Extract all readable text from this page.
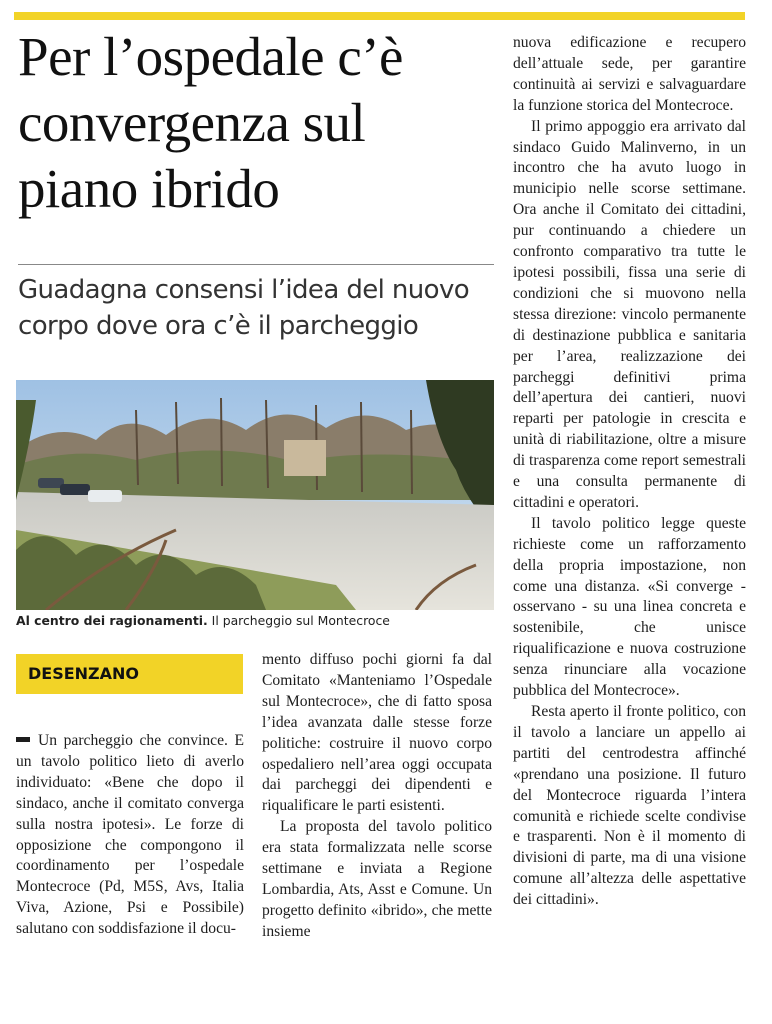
Per l’ospedale c’è convergenza sul piano ibrido
Guadagna consensi l’idea del nuovo corpo dove ora c’è il parcheggio
Al centro dei ragionamenti. Il parcheggio sul Montecroce
DESENZANO

Un parcheggio che convince. E un tavolo politico lieto di averlo individuato: «Bene che dopo il sindaco, anche il comitato converga sulla nostra ipotesi». Le forze di opposizione che compongono il coordinamento per l’ospedale Montecroce (Pd, M5S, Avs, Italia Viva, Azione, Psi e Possibile) salutano con soddisfazione il docu-

mento diffuso pochi giorni fa dal Comitato «Manteniamo l’Ospedale sul Montecroce», che di fatto sposa l’idea avanzata dalle stesse forze politiche: costruire il nuovo corpo ospedaliero nell’area oggi occupata dai parcheggi dei dipendenti e riqualificare le parti esistenti.

La proposta del tavolo politico era stata formalizzata nelle scorse settimane e inviata a Regione Lombardia, Ats, Asst e Comune. Un progetto definito «ibrido», che mette insieme

nuova edificazione e recupero dell’attuale sede, per garantire continuità ai servizi e salvaguardare la funzione storica del Montecroce.

Il primo appoggio era arrivato dal sindaco Guido Malinverno, in un incontro che ha avuto luogo in municipio nelle scorse settimane. Ora anche il Comitato dei cittadini, pur continuando a chiedere un confronto comparativo tra tutte le ipotesi possibili, fissa una serie di condizioni che si muovono nella stessa direzione: vincolo permanente di destinazione pubblica e sanitaria per l’area, realizzazione dei parcheggi definitivi prima dell’apertura dei cantieri, nuovi reparti per patologie in crescita e unità di riabilitazione, oltre a misure di trasparenza come report semestrali e una consulta permanente di cittadini e operatori.

Il tavolo politico legge queste richieste come un rafforzamento della propria impostazione, non come una distanza. «Si converge - osservano - su una linea concreta e sostenibile, che unisce riqualificazione e nuova costruzione senza rinunciare alla vocazione pubblica del Montecroce».

Resta aperto il fronte politico, con il tavolo a lanciare un appello ai partiti del centrodestra affinché «prendano una posizione. Il futuro del Montecroce riguarda l’intera comunità e richiede scelte condivise e trasparenti. Non è il momento di divisioni di parte, ma di una visione comune all’altezza delle aspettative dei cittadini».
